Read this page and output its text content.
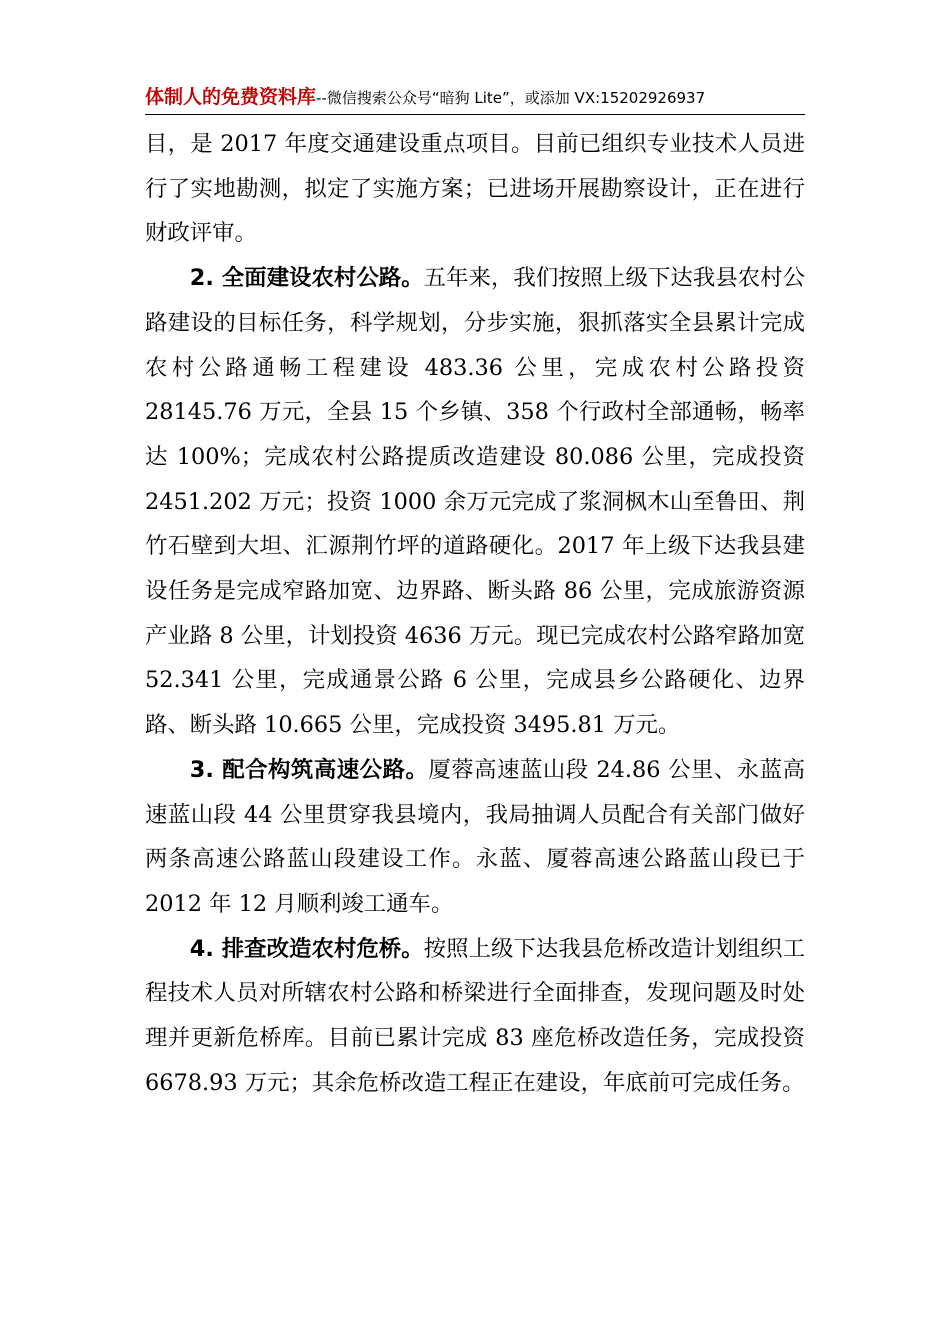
体制人的免费资料库--微信搜索公众号“暗狗 Lite”，或添加 VX:15202926937

目，是 2017 年度交通建设重点项目。目前已组织专业技术人员进行了实地勘测，拟定了实施方案；已进场开展勘察设计，正在进行财政评审。

2. 全面建设农村公路。五年来，我们按照上级下达我县农村公路建设的目标任务，科学规划，分步实施，狠抓落实全县累计完成农村公路通畅工程建设 483.36 公里，完成农村公路投资 28145.76 万元，全县 15 个乡镇、358 个行政村全部通畅，畅率达 100%；完成农村公路提质改造建设 80.086 公里，完成投资 2451.202 万元；投资 1000 余万元完成了浆洞枫木山至鲁田、荆竹石壁到大坦、汇源荆竹坪的道路硬化。2017 年上级下达我县建设任务是完成窄路加宽、边界路、断头路 86 公里，完成旅游资源产业路 8 公里，计划投资 4636 万元。现已完成农村公路窄路加宽 52.341 公里，完成通景公路 6 公里，完成县乡公路硬化、边界路、断头路 10.665 公里，完成投资 3495.81 万元。

3. 配合构筑高速公路。厦蓉高速蓝山段 24.86 公里、永蓝高速蓝山段 44 公里贯穿我县境内，我局抽调人员配合有关部门做好两条高速公路蓝山段建设工作。永蓝、厦蓉高速公路蓝山段已于 2012 年 12 月顺利竣工通车。

4. 排查改造农村危桥。按照上级下达我县危桥改造计划组织工程技术人员对所辖农村公路和桥梁进行全面排查，发现问题及时处理并更新危桥库。目前已累计完成 83 座危桥改造任务，完成投资 6678.93 万元；其余危桥改造工程正在建设，年底前可完成任务。
